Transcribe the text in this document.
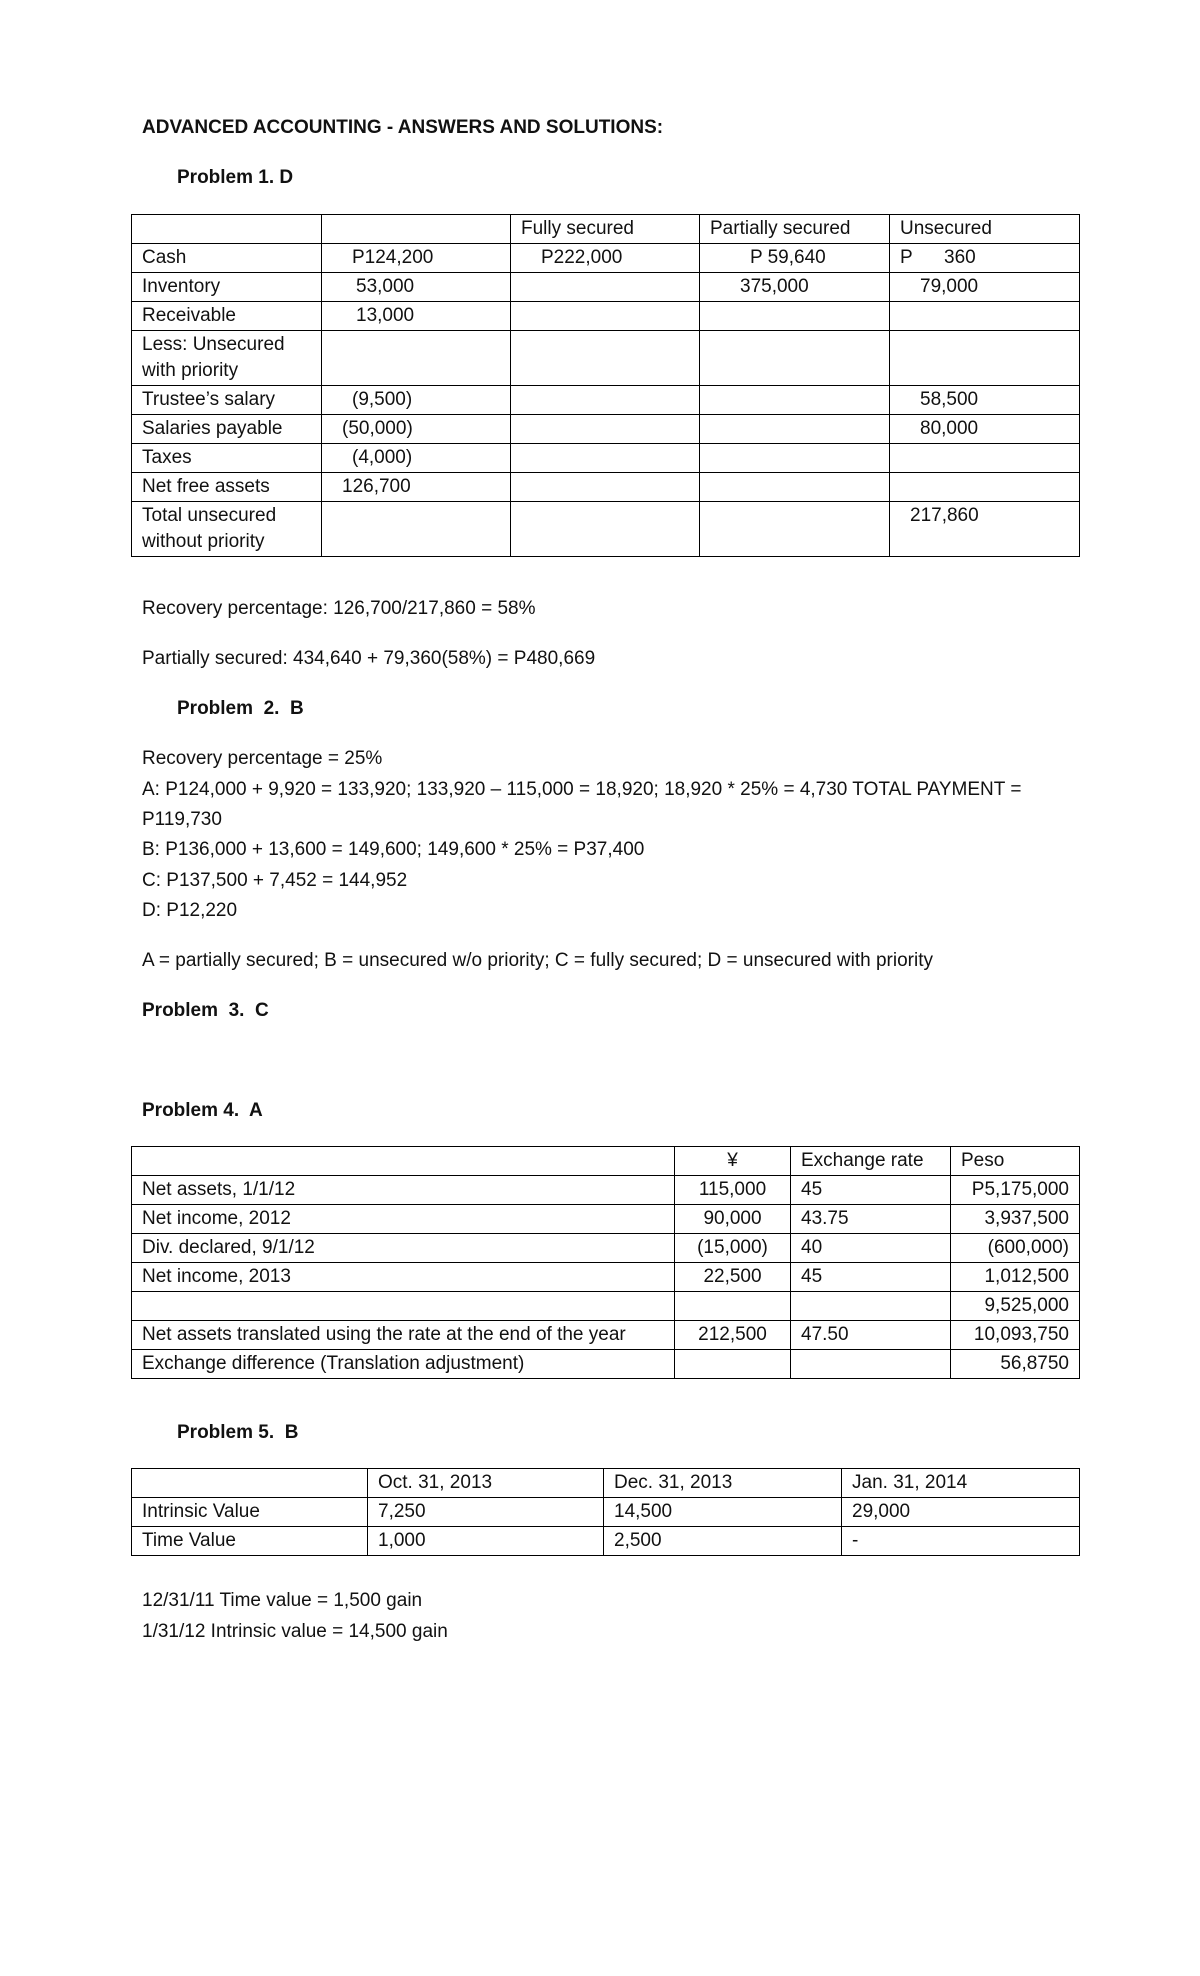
ADVANCED ACCOUNTING - ANSWERS AND SOLUTIONS:
Problem 1. D
		Fully secured	Partially secured	Unsecured
Cash	P124,200	P222,000	P 59,640	P      360
Inventory	53,000		375,000	79,000
Receivable	13,000			
Less: Unsecured with priority				
Trustee’s salary	(9,500)			58,500
Salaries payable	(50,000)			80,000
Taxes	(4,000)			
Net free assets	126,700			
Total unsecured without priority				217,860
Recovery percentage: 126,700/217,860 = 58%
Partially secured: 434,640 + 79,360(58%) = P480,669
Problem  2.  B
Recovery percentage = 25%
A: P124,000 + 9,920 = 133,920; 133,920 – 115,000 = 18,920; 18,920 * 25% = 4,730 TOTAL PAYMENT =
P119,730
B: P136,000 + 13,600 = 149,600; 149,600 * 25% = P37,400
C: P137,500 + 7,452 = 144,952
D: P12,220
A = partially secured; B = unsecured w/o priority; C = fully secured; D = unsecured with priority
Problem  3.  C
Problem 4.  A
	¥	Exchange rate	Peso
Net assets, 1/1/12	115,000	45	P5,175,000
Net income, 2012	90,000	43.75	3,937,500
Div. declared, 9/1/12	(15,000)	40	(600,000)
Net income, 2013	22,500	45	1,012,500
			9,525,000
Net assets translated using the rate at the end of the year	212,500	47.50	10,093,750
Exchange difference (Translation adjustment)			56,8750
Problem 5.  B
	Oct. 31, 2013	Dec. 31, 2013	Jan. 31, 2014
Intrinsic Value	7,250	14,500	29,000
Time Value	1,000	2,500	-
12/31/11 Time value = 1,500 gain
1/31/12 Intrinsic value = 14,500 gain
